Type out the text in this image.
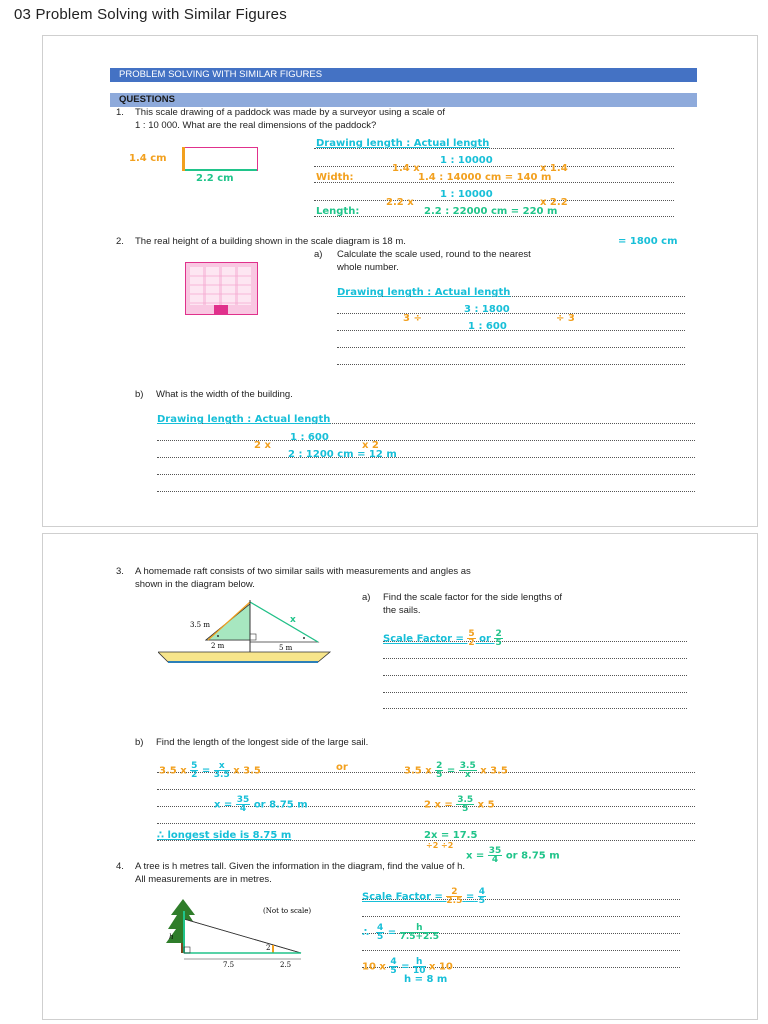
03 Problem Solving with Similar Figures
PROBLEM SOLVING WITH SIMILAR FIGURES
QUESTIONS
1. This scale drawing of a paddock was made by a surveyor using a scale of
1 : 10 000. What are the real dimensions of the paddock?
1.4 cm
2.2 cm
Drawing length : Actual length
1 : 10000
1.4 x	x 1.4
Width:	1.4 : 14000 cm = 140 m
1 : 10000
2.2 x	x 2.2
Length:	2.2 : 22000 cm = 220 m
2. The real height of a building shown in the scale diagram is 18 m.	= 1800 cm
a) Calculate the scale used, round to the nearest
whole number.
Drawing length : Actual length
3 : 1800
3 ÷	÷ 3
1 : 600
b) What is the width of the building.
Drawing length : Actual length
1 : 600
2 x	x 2
2 : 1200 cm = 12 m
3. A homemade raft consists of two similar sails with measurements and angles as
shown in the diagram below.
3.5 m
2 m	5 m
x
a) Find the scale factor for the side lengths of
the sails.
Scale Factor = $\frac{5}{2}$ or $\frac{2}{5}$
b) Find the length of the longest side of the large sail.
3.5 x $\frac{5}{2} = \frac{x}{3.5}$ x 3.5	or	3.5 x $\frac{2}{5} = \frac{3.5}{x}$ x 3.5
$x = \frac{35}{4}$ or 8.75 m	2 $x = \frac{3.5}{5}$ x 5
∴ longest side is 8.75 m	2x = 17.5
÷2 ÷2
$x = \frac{35}{4}$ or 8.75 m
4. A tree is h metres tall. Given the information in the diagram, find the value of h.
All measurements are in metres.
(Not to scale)
h
2
7.5	2.5
Scale Factor = $\frac{2}{2.5} = \frac{4}{5}$
∴ $\frac{4}{5} = \frac{h}{7.5+2.5}$
10 x $\frac{4}{5} = \frac{h}{10}$ x 10
h = 8 m
